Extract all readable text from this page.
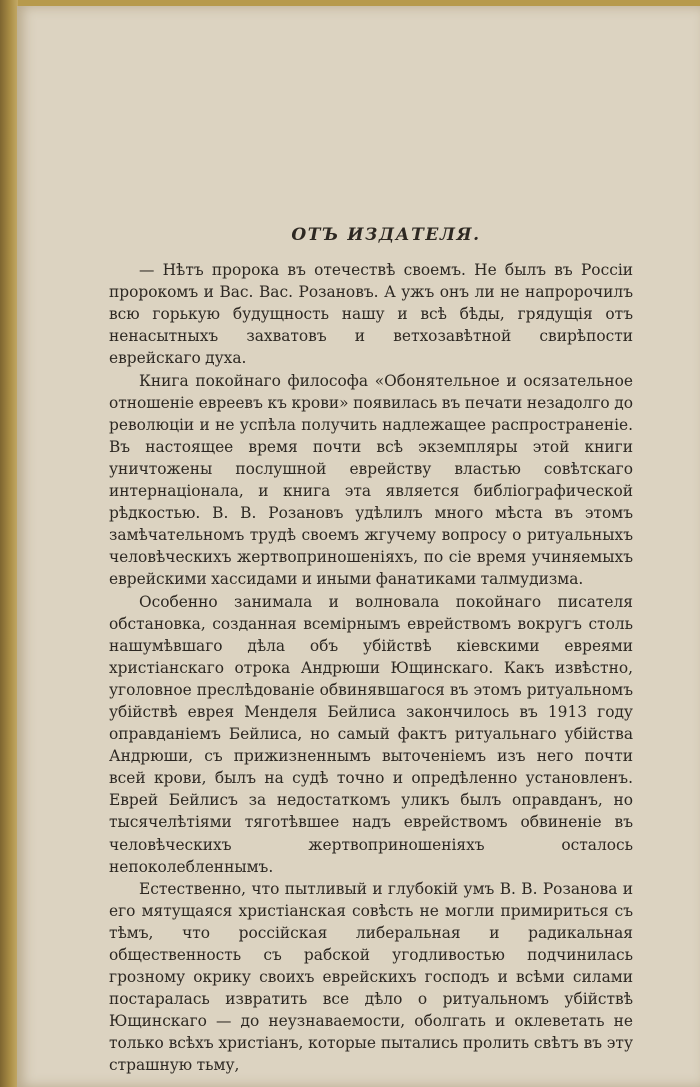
ОТЪ ИЗДАТЕЛЯ.

— Нѣтъ пророка въ отечествѣ своемъ. Не былъ въ Россіи пророкомъ и Вас. Вас. Розановъ. А ужъ онъ ли не напророчилъ всю горькую будущность нашу и всѣ бѣды, грядущія отъ ненасытныхъ захватовъ и ветхозавѣтной свирѣпости еврейскаго духа.

Книга покойнаго философа «Обонятельное и осязательное отношеніе евреевъ къ крови» появилась въ печати незадолго до революціи и не успѣла получить надлежащее распространеніе. Въ настоящее время почти всѣ экземпляры этой книги уничтожены послушной еврейству властью совѣтскаго интернаціонала, и книга эта является библіографической рѣдкостью. В. В. Розановъ удѣлилъ много мѣста въ этомъ замѣчательномъ трудѣ своемъ жгучему вопросу о ритуальныхъ человѣческихъ жертвоприношеніяхъ, по сіе время учиняемыхъ еврейскими хассидами и иными фанатиками талмудизма.

Особенно занимала и волновала покойнаго писателя обстановка, созданная всемірнымъ еврействомъ вокругъ столь нашумѣвшаго дѣла объ убійствѣ кіевскими евреями христіанскаго отрока Андрюши Ющинскаго. Какъ извѣстно, уголовное преслѣдованіе обвинявшагося въ этомъ ритуальномъ убійствѣ еврея Менделя Бейлиса закончилось въ 1913 году оправданіемъ Бейлиса, но самый фактъ ритуальнаго убійства Андрюши, съ прижизненнымъ выточеніемъ изъ него почти всей крови, былъ на судѣ точно и опредѣленно установленъ. Еврей Бейлисъ за недостаткомъ уликъ былъ оправданъ, но тысячелѣтіями тяготѣвшее надъ еврействомъ обвиненіе въ человѣческихъ жертвоприношеніяхъ осталось непоколебленнымъ.

Естественно, что пытливый и глубокій умъ В. В. Розанова и его мятущаяся христіанская совѣсть не могли примириться съ тѣмъ, что россійская либеральная и радикальная общественность съ рабской угодливостью подчинилась грозному окрику своихъ еврейскихъ господъ и всѣми силами постаралась извратить все дѣло о ритуальномъ убійствѣ Ющинскаго — до неузнаваемости, оболгать и оклеветать не только всѣхъ христіанъ, которые пытались пролить свѣтъ въ эту страшную тьму,
